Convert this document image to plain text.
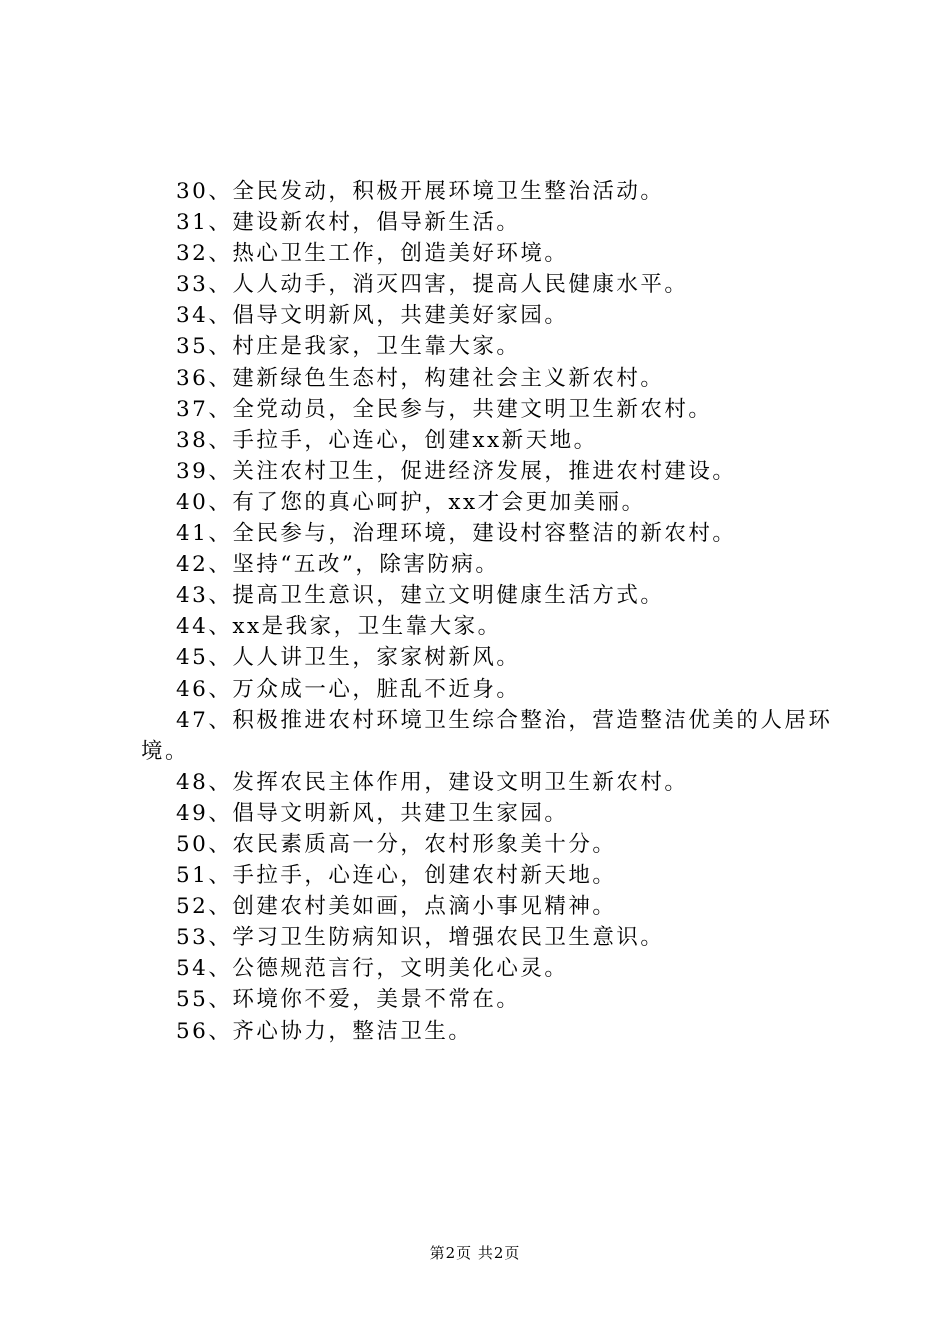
30、全民发动，积极开展环境卫生整治活动。
31、建设新农村，倡导新生活。
32、热心卫生工作，创造美好环境。
33、人人动手，消灭四害，提高人民健康水平。
34、倡导文明新风，共建美好家园。
35、村庄是我家，卫生靠大家。
36、建新绿色生态村，构建社会主义新农村。
37、全党动员，全民参与，共建文明卫生新农村。
38、手拉手，心连心，创建xx新天地。
39、关注农村卫生，促进经济发展，推进农村建设。
40、有了您的真心呵护，xx才会更加美丽。
41、全民参与，治理环境，建设村容整洁的新农村。
42、坚持“五改”，除害防病。
43、提高卫生意识，建立文明健康生活方式。
44、xx是我家，卫生靠大家。
45、人人讲卫生，家家树新风。
46、万众成一心，脏乱不近身。
47、积极推进农村环境卫生综合整治，营造整洁优美的人居环境。
48、发挥农民主体作用，建设文明卫生新农村。
49、倡导文明新风，共建卫生家园。
50、农民素质高一分，农村形象美十分。
51、手拉手，心连心，创建农村新天地。
52、创建农村美如画，点滴小事见精神。
53、学习卫生防病知识，增强农民卫生意识。
54、公德规范言行，文明美化心灵。
55、环境你不爱，美景不常在。
56、齐心协力，整洁卫生。
第2页 共2页
